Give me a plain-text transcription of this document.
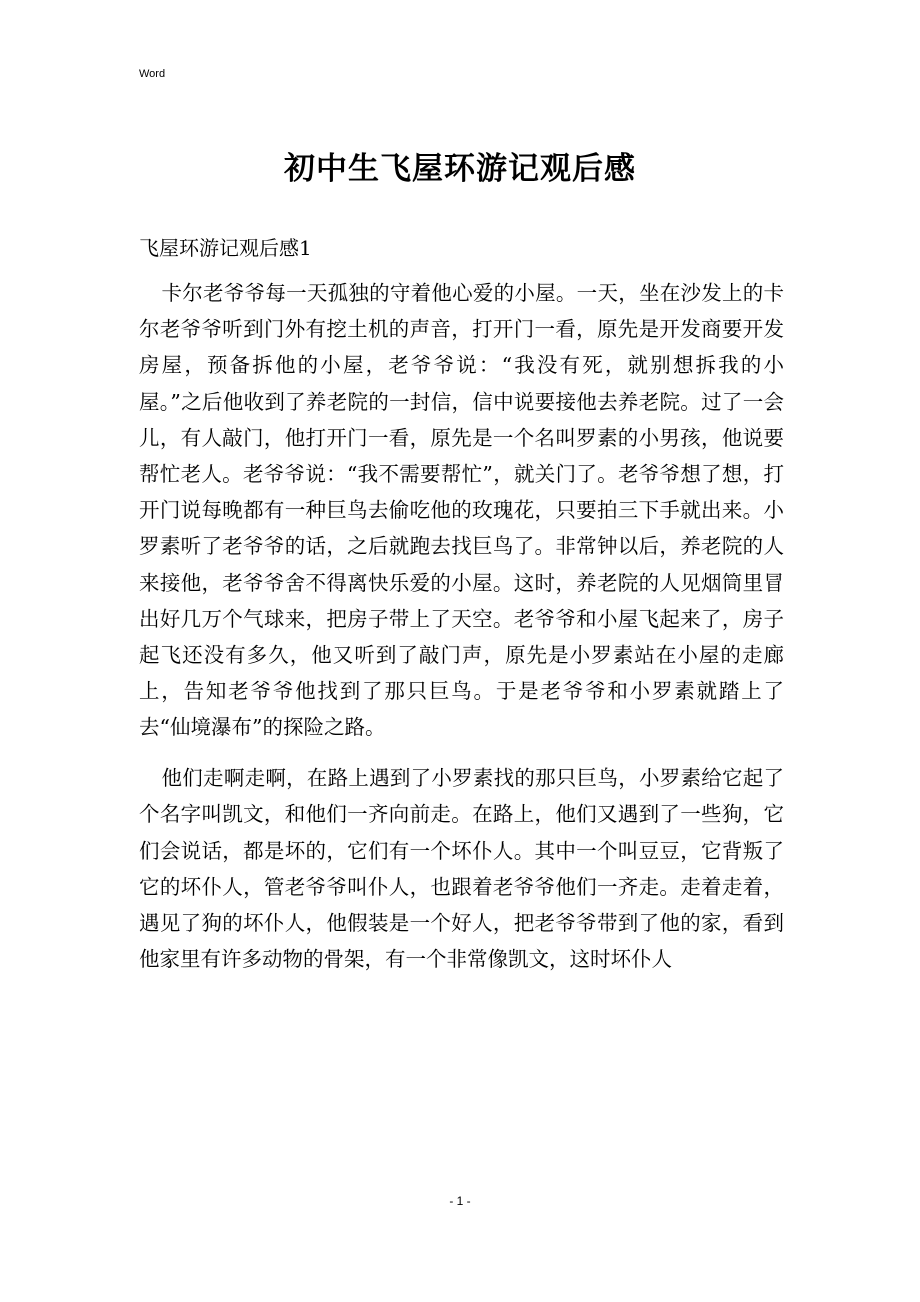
Word
初中生飞屋环游记观后感
飞屋环游记观后感1

卡尔老爷爷每一天孤独的守着他心爱的小屋。一天，坐在沙发上的卡尔老爷爷听到门外有挖土机的声音，打开门一看，原先是开发商要开发房屋，预备拆他的小屋，老爷爷说：“我没有死，就别想拆我的小屋。”之后他收到了养老院的一封信，信中说要接他去养老院。过了一会儿，有人敲门，他打开门一看，原先是一个名叫罗素的小男孩，他说要帮忙老人。老爷爷说：“我不需要帮忙”，就关门了。老爷爷想了想，打开门说每晚都有一种巨鸟去偷吃他的玫瑰花，只要拍三下手就出来。小罗素听了老爷爷的话，之后就跑去找巨鸟了。非常钟以后，养老院的人来接他，老爷爷舍不得离快乐爱的小屋。这时，养老院的人见烟筒里冒出好几万个气球来，把房子带上了天空。老爷爷和小屋飞起来了，房子起飞还没有多久，他又听到了敲门声，原先是小罗素站在小屋的走廊上，告知老爷爷他找到了那只巨鸟。于是老爷爷和小罗素就踏上了去“仙境瀑布”的探险之路。

他们走啊走啊，在路上遇到了小罗素找的那只巨鸟，小罗素给它起了个名字叫凯文，和他们一齐向前走。在路上，他们又遇到了一些狗，它们会说话，都是坏的，它们有一个坏仆人。其中一个叫豆豆，它背叛了它的坏仆人，管老爷爷叫仆人，也跟着老爷爷他们一齐走。走着走着，遇见了狗的坏仆人，他假装是一个好人，把老爷爷带到了他的家，看到他家里有许多动物的骨架，有一个非常像凯文，这时坏仆人

- 1 -
